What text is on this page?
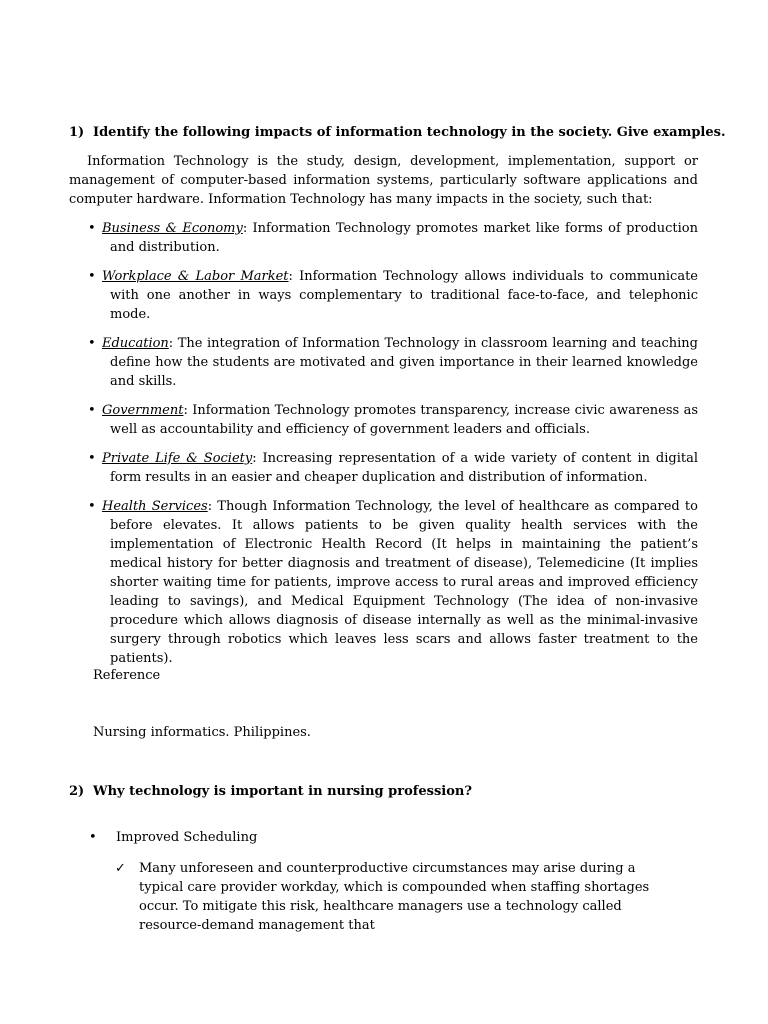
1) Identify the following impacts of information technology in the society. Give examples.
Information Technology is the study, design, development, implementation, support or management of computer-based information systems, particularly software applications and computer hardware. Information Technology has many impacts in the society, such that:
• Business & Economy: Information Technology promotes market like forms of production and distribution.
• Workplace & Labor Market: Information Technology allows individuals to communicate with one another in ways complementary to traditional face-to-face, and telephonic mode.
• Education: The integration of Information Technology in classroom learning and teaching define how the students are motivated and given importance in their learned knowledge and skills.
• Government: Information Technology promotes transparency, increase civic awareness as well as accountability and efficiency of government leaders and officials.
• Private Life & Society: Increasing representation of a wide variety of content in digital form results in an easier and cheaper duplication and distribution of information.
• Health Services: Though Information Technology, the level of healthcare as compared to before elevates. It allows patients to be given quality health services with the implementation of Electronic Health Record (It helps in maintaining the patient’s medical history for better diagnosis and treatment of disease), Telemedicine (It implies shorter waiting time for patients, improve access to rural areas and improved efficiency leading to savings), and Medical Equipment Technology (The idea of non-invasive procedure which allows diagnosis of disease internally as well as the minimal-invasive surgery through robotics which leaves less scars and allows faster treatment to the patients).
Reference
Nursing informatics. Philippines.
2) Why technology is important in nursing profession?
• Improved Scheduling
✓ Many unforeseen and counterproductive circumstances may arise during a typical care provider workday, which is compounded when staffing shortages occur. To mitigate this risk, healthcare managers use a technology called resource-demand management that
